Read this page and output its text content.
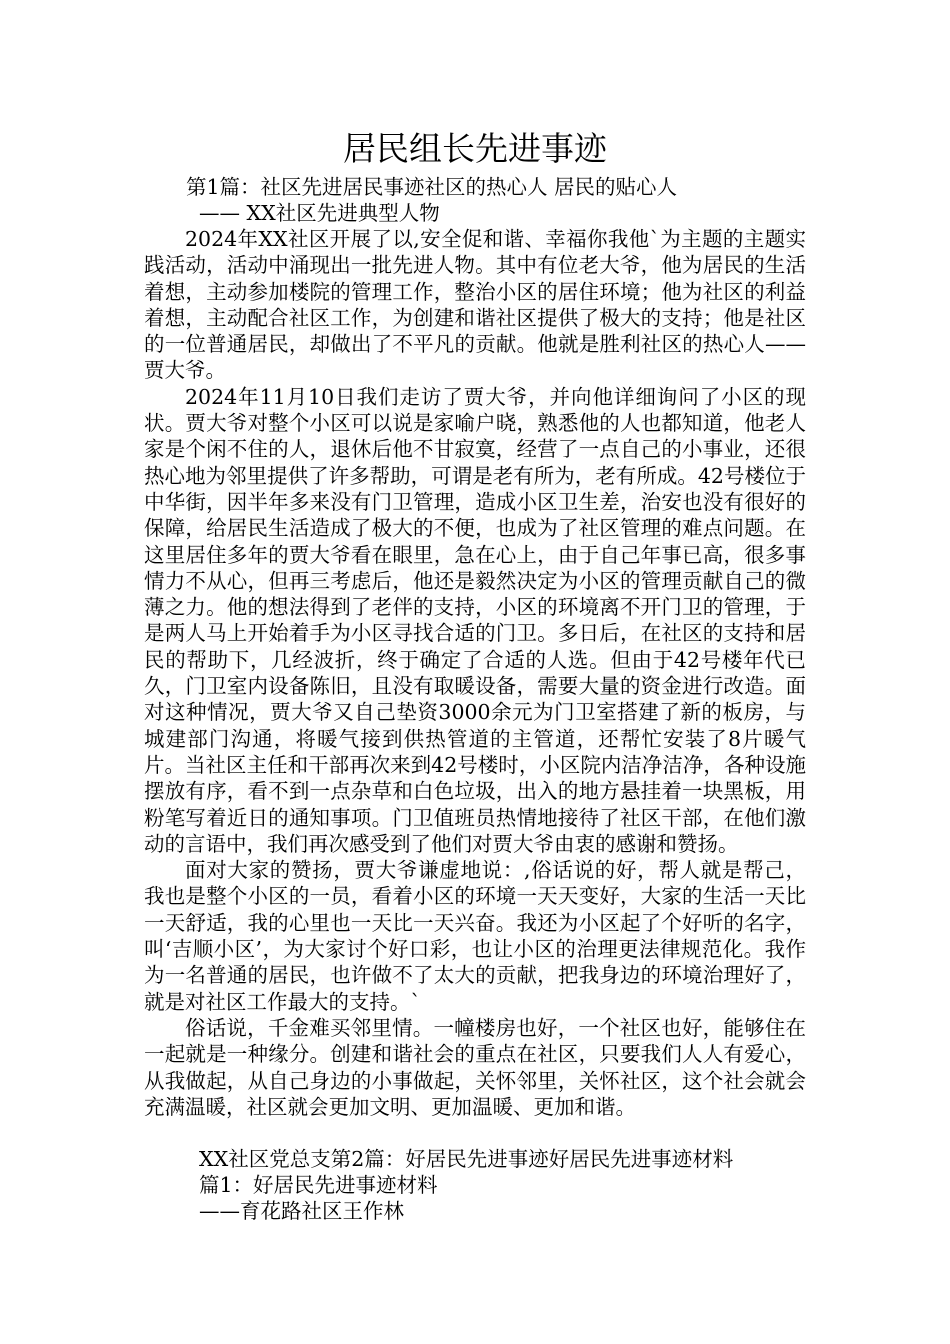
居民组长先进事迹
第1篇：社区先进居民事迹社区的热心人 居民的贴心人
—— XX社区先进典型人物

2024年XX社区开展了以,安全促和谐、幸福你我他`为主题的主题实践活动，活动中涌现出一批先进人物。其中有位老大爷，他为居民的生活着想，主动参加楼院的管理工作，整治小区的居住环境；他为社区的利益着想，主动配合社区工作，为创建和谐社区提供了极大的支持；他是社区的一位普通居民，却做出了不平凡的贡献。他就是胜利社区的热心人——贾大爷。

2024年11月10日我们走访了贾大爷，并向他详细询问了小区的现状。贾大爷对整个小区可以说是家喻户晓，熟悉他的人也都知道，他老人家是个闲不住的人，退休后他不甘寂寞，经营了一点自己的小事业，还很热心地为邻里提供了许多帮助，可谓是老有所为，老有所成。42号楼位于中华街，因半年多来没有门卫管理，造成小区卫生差，治安也没有很好的保障，给居民生活造成了极大的不便，也成为了社区管理的难点问题。在这里居住多年的贾大爷看在眼里，急在心上，由于自己年事已高，很多事情力不从心，但再三考虑后，他还是毅然决定为小区的管理贡献自己的微薄之力。他的想法得到了老伴的支持，小区的环境离不开门卫的管理，于是两人马上开始着手为小区寻找合适的门卫。多日后，在社区的支持和居民的帮助下，几经波折，终于确定了合适的人选。但由于42号楼年代已久，门卫室内设备陈旧，且没有取暖设备，需要大量的资金进行改造。面对这种情况，贾大爷又自己垫资3000余元为门卫室搭建了新的板房，与城建部门沟通，将暖气接到供热管道的主管道，还帮忙安装了8片暖气片。当社区主任和干部再次来到42号楼时，小区院内洁净洁净，各种设施摆放有序，看不到一点杂草和白色垃圾，出入的地方悬挂着一块黑板，用粉笔写着近日的通知事项。门卫值班员热情地接待了社区干部，在他们激动的言语中，我们再次感受到了他们对贾大爷由衷的感谢和赞扬。

面对大家的赞扬，贾大爷谦虚地说：,俗话说的好，帮人就是帮己，我也是整个小区的一员，看着小区的环境一天天变好，大家的生活一天比一天舒适，我的心里也一天比一天兴奋。我还为小区起了个好听的名字，叫‘吉顺小区’，为大家讨个好口彩，也让小区的治理更法律规范化。我作为一名普通的居民，也许做不了太大的贡献，把我身边的环境治理好了，就是对社区工作最大的支持。`

俗话说，千金难买邻里情。一幢楼房也好，一个社区也好，能够住在一起就是一种缘分。创建和谐社会的重点在社区，只要我们人人有爱心，从我做起，从自己身边的小事做起，关怀邻里，关怀社区，这个社会就会充满温暖，社区就会更加文明、更加温暖、更加和谐。

XX社区党总支第2篇：好居民先进事迹好居民先进事迹材料
篇1：好居民先进事迹材料
——育花路社区王作林
